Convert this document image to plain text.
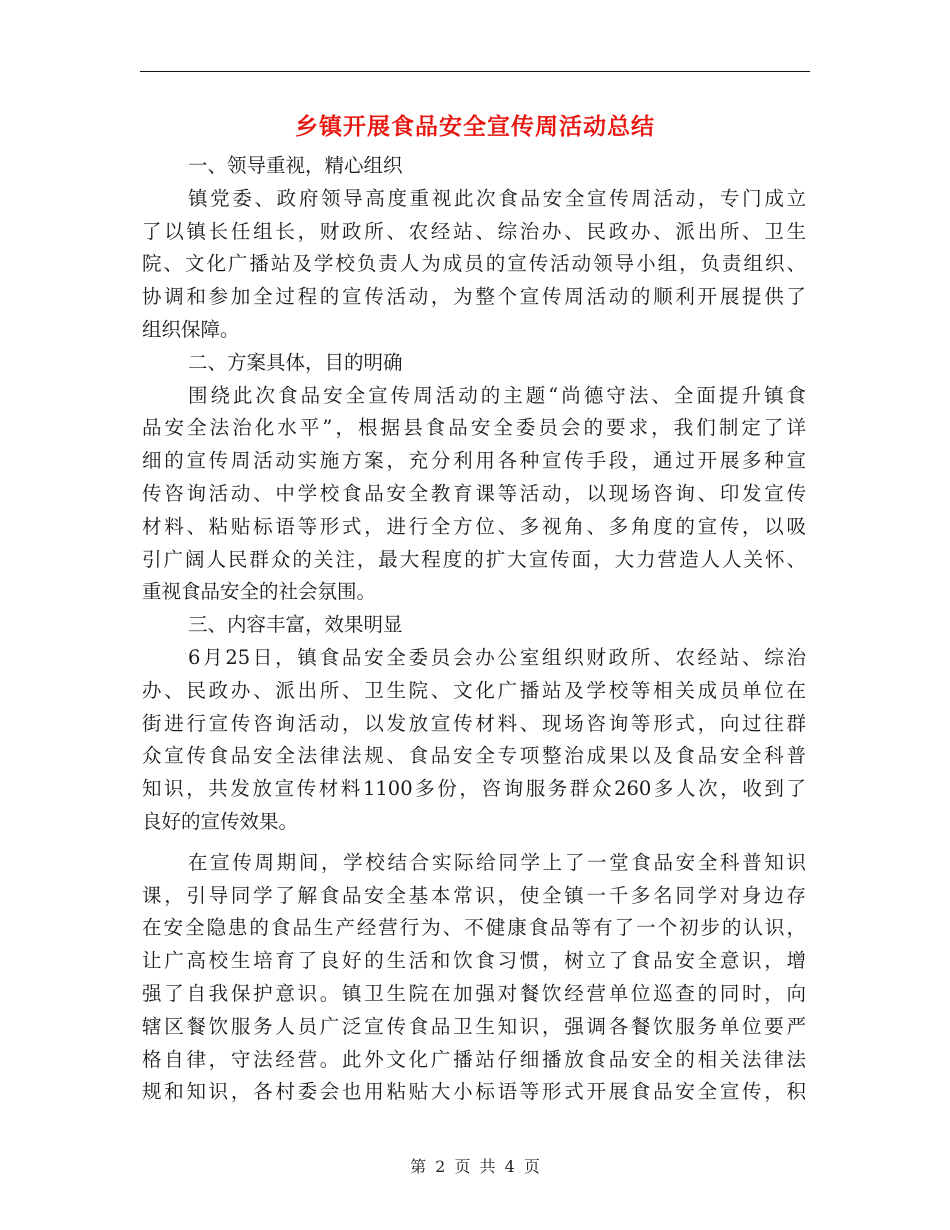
乡镇开展食品安全宣传周活动总结
一、领导重视，精心组织
镇党委、政府领导高度重视此次食品安全宣传周活动，专门成立
了以镇长任组长，财政所、农经站、综治办、民政办、派出所、卫生
院、文化广播站及学校负责人为成员的宣传活动领导小组，负责组织、
协调和参加全过程的宣传活动，为整个宣传周活动的顺利开展提供了
组织保障。
二、方案具体，目的明确
围绕此次食品安全宣传周活动的主题“尚德守法、全面提升镇食
品安全法治化水平”，根据县食品安全委员会的要求，我们制定了详
细的宣传周活动实施方案，充分利用各种宣传手段，通过开展多种宣
传咨询活动、中学校食品安全教育课等活动，以现场咨询、印发宣传
材料、粘贴标语等形式，进行全方位、多视角、多角度的宣传，以吸
引广阔人民群众的关注，最大程度的扩大宣传面，大力营造人人关怀、
重视食品安全的社会氛围。
三、内容丰富，效果明显
6月25日，镇食品安全委员会办公室组织财政所、农经站、综治
办、民政办、派出所、卫生院、文化广播站及学校等相关成员单位在
街进行宣传咨询活动，以发放宣传材料、现场咨询等形式，向过往群
众宣传食品安全法律法规、食品安全专项整治成果以及食品安全科普
知识，共发放宣传材料1100多份，咨询服务群众260多人次，收到了
良好的宣传效果。
在宣传周期间，学校结合实际给同学上了一堂食品安全科普知识
课，引导同学了解食品安全基本常识，使全镇一千多名同学对身边存
在安全隐患的食品生产经营行为、不健康食品等有了一个初步的认识，
让广高校生培育了良好的生活和饮食习惯，树立了食品安全意识，增
强了自我保护意识。镇卫生院在加强对餐饮经营单位巡查的同时，向
辖区餐饮服务人员广泛宣传食品卫生知识，强调各餐饮服务单位要严
格自律，守法经营。此外文化广播站仔细播放食品安全的相关法律法
规和知识，各村委会也用粘贴大小标语等形式开展食品安全宣传，积
第 2 页 共 4 页
